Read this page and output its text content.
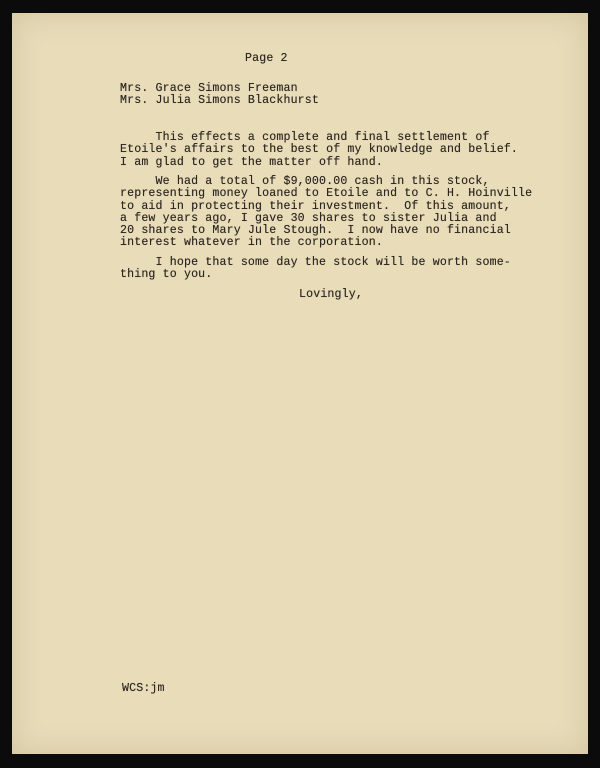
Page 2
Mrs. Grace Simons Freeman
Mrs. Julia Simons Blackhurst
This effects a complete and final settlement of
Etoile's affairs to the best of my knowledge and belief.
I am glad to get the matter off hand.
We had a total of $9,000.00 cash in this stock,
representing money loaned to Etoile and to C. H. Hoinville
to aid in protecting their investment.  Of this amount,
a few years ago, I gave 30 shares to sister Julia and
20 shares to Mary Jule Stough.  I now have no financial
interest whatever in the corporation.
I hope that some day the stock will be worth some-
thing to you.
Lovingly,
WCS:jm
